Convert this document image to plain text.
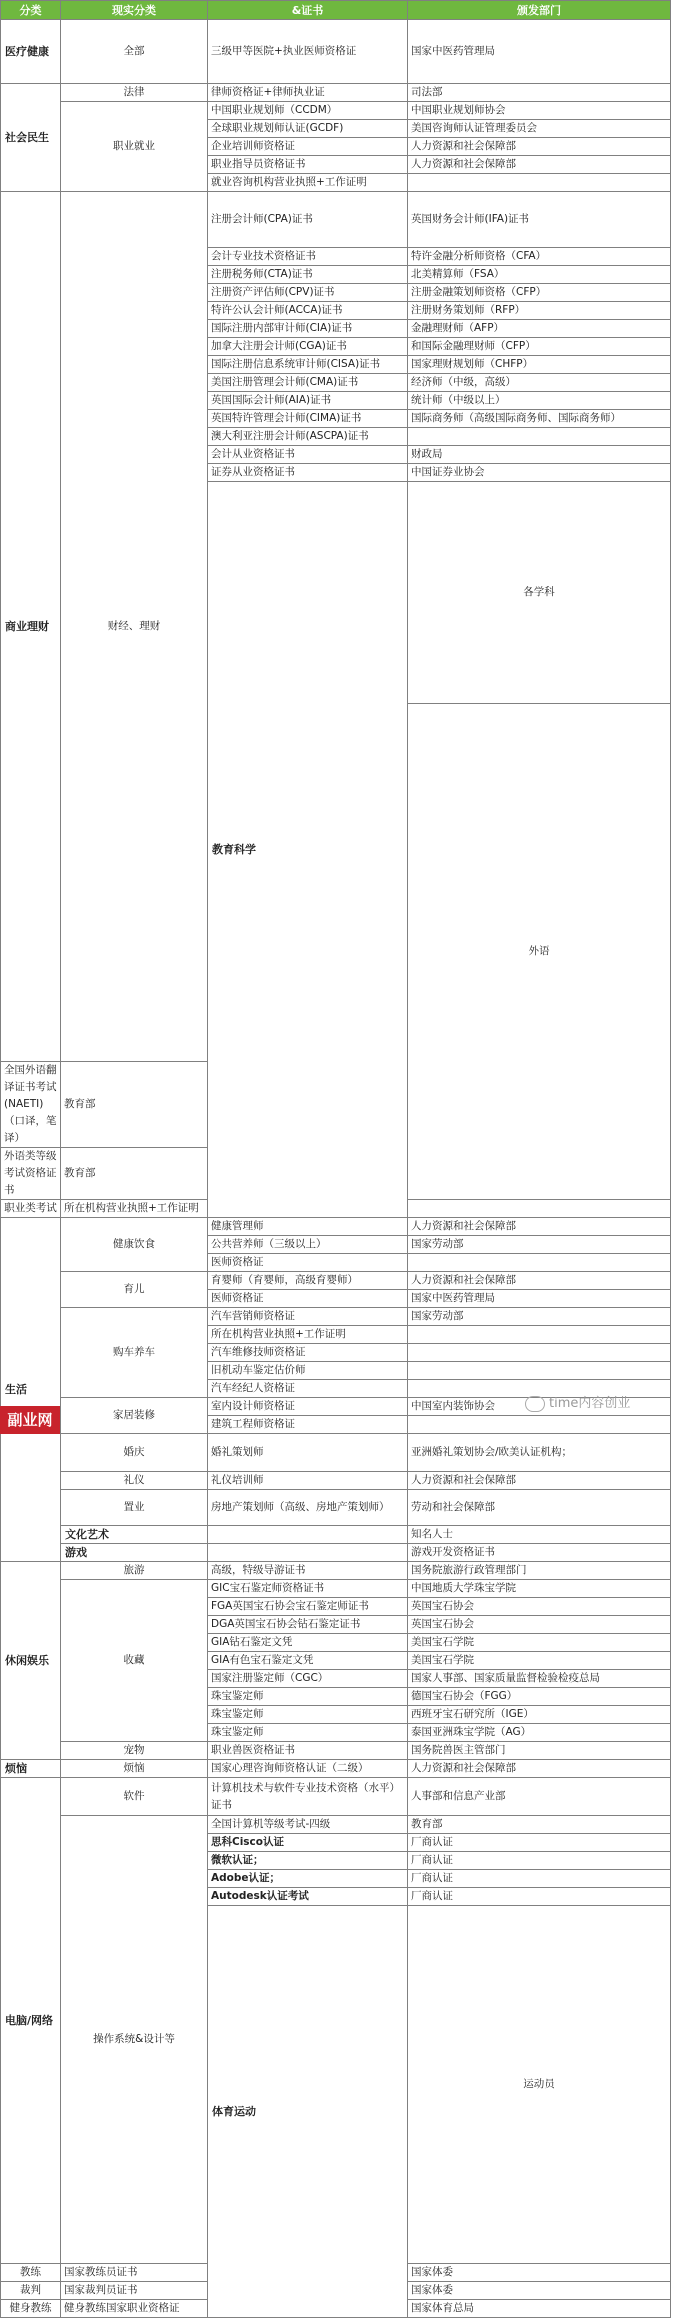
分类	现实分类	&证书	颁发部门	
医疗健康	全部	三级甲等医院+执业医师资格证	国家中医药管理局	
社会民生	法律	律师资格证+律师执业证	司法部	
	职业就业	中国职业规划师（CCDM）	中国职业规划师协会	
		全球职业规划师认证(GCDF)	美国咨询师认证管理委员会	
		企业培训师资格证	人力资源和社会保障部	
		职业指导员资格证书	人力资源和社会保障部	
		就业咨询机构营业执照+工作证明		
商业理财	财经、理财	注册会计师(CPA)证书	英国财务会计师(IFA)证书	
		会计专业技术资格证书	特许金融分析师资格（CFA）	
		注册税务师(CTA)证书	北美精算师（FSA）	
		注册资产评估师(CPV)证书	注册金融策划师资格（CFP）	
		特许公认会计师(ACCA)证书	注册财务策划师（RFP）	
		国际注册内部审计师(CIA)证书	金融理财师（AFP）	
		加拿大注册会计师(CGA)证书	和国际金融理财师（CFP）	
		国际注册信息系统审计师(CISA)证书	国家理财规划师（CHFP）	
		美国注册管理会计师(CMA)证书	经济师（中级，高级）	
		英国国际会计师(AIA)证书	统计师（中级以上）	
		英国特许管理会计师(CIMA)证书	国际商务师（高级国际商务师、国际商务师）	
		澳大利亚注册会计师(ASCPA)证书		
		会计从业资格证书	财政局	
		证券从业资格证书	中国证券业协会	
		教育科学	各学科		
			外语		
全国外语翻译证书考试(NAETI)（口译，笔译）	教育部			
外语类等级考试资格证书	教育部			
职业类考试	所在机构营业执照+工作证明			
生活	健康饮食	健康管理师	人力资源和社会保障部	
		公共营养师（三级以上）	国家劳动部	
		医师资格证		
	育儿	育婴师（育婴师，高级育婴师）	人力资源和社会保障部	
		医师资格证	国家中医药管理局	
	购车养车	汽车营销师资格证	国家劳动部	
		所在机构营业执照+工作证明		
		汽车维修技师资格证		
		旧机动车鉴定估价师		
		汽车经纪人资格证		
	家居装修	室内设计师资格证	中国室内装饰协会	
		建筑工程师资格证		
	婚庆	婚礼策划师	亚洲婚礼策划协会/欧美认证机构；	
	礼仪	礼仪培训师	人力资源和社会保障部	
	置业	房地产策划师（高级、房地产策划师）	劳动和社会保障部	
	文化艺术		知名人士	
	游戏		游戏开发资格证书	
休闲娱乐	旅游	高级，特级导游证书	国务院旅游行政管理部门	
	收藏	GIC宝石鉴定师资格证书	中国地质大学珠宝学院	
		FGA英国宝石协会宝石鉴定师证书	英国宝石协会	
		DGA英国宝石协会钻石鉴定证书	英国宝石协会	
		GIA钻石鉴定文凭	美国宝石学院	
		GIA有色宝石鉴定文凭	美国宝石学院	
		国家注册鉴定师（CGC）	国家人事部、国家质量监督检验检疫总局	
		珠宝鉴定师	德国宝石协会（FGG）	
		珠宝鉴定师	西班牙宝石研究所（IGE）	
		珠宝鉴定师	泰国亚洲珠宝学院（AG）	
	宠物	职业兽医资格证书	国务院兽医主管部门	
烦恼	烦恼	国家心理咨询师资格认证（二级）	人力资源和社会保障部	
电脑/网络	软件	计算机技术与软件专业技术资格（水平）证书	人事部和信息产业部	
	操作系统&设计等	全国计算机等级考试-四级	教育部	
		思科Cisco认证	厂商认证	
		微软认证；	厂商认证	
		Adobe认证；	厂商认证	
		Autodesk认证考试	厂商认证	
		体育运动	运动员		
教练	国家教练员证书		国家体委	
裁判	国家裁判员证书		国家体委	
健身教练	健身教练国家职业资格证		国家体育总局	
副业网
time内容创业
